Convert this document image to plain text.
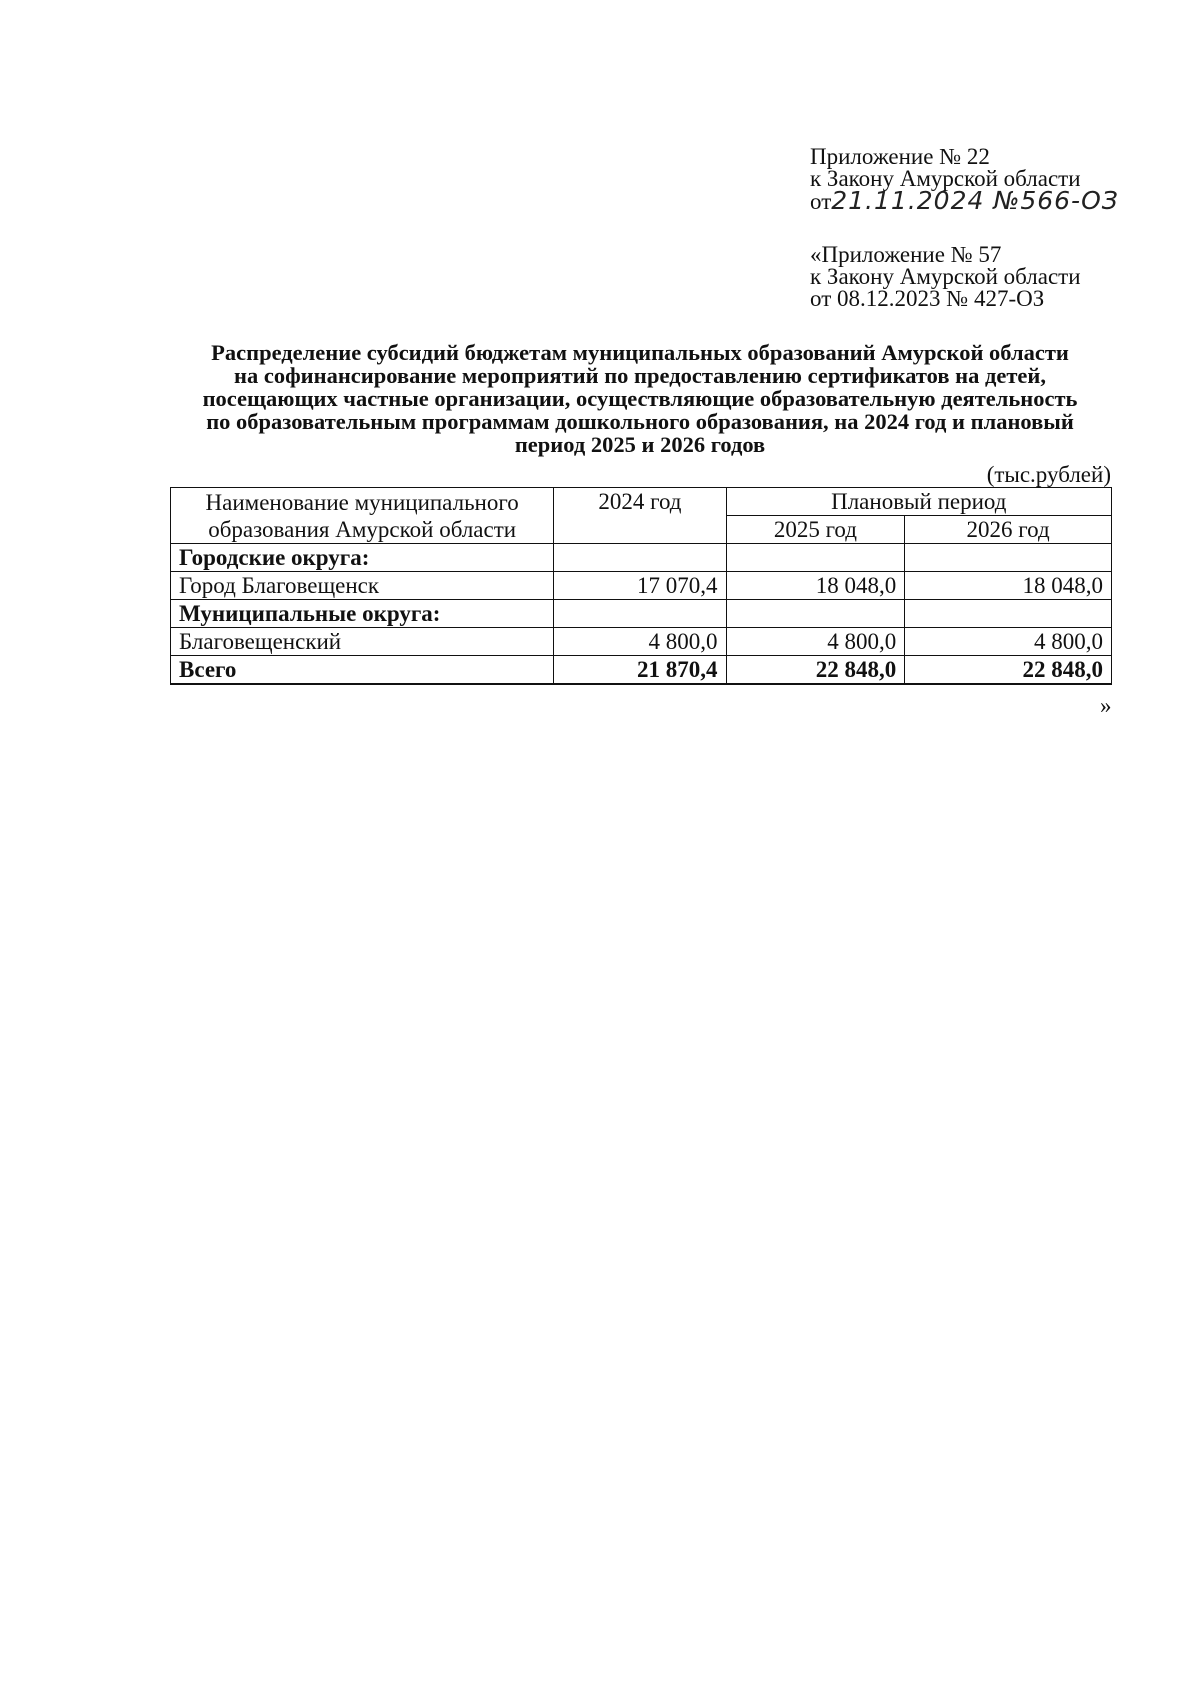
Приложение № 22
к Закону Амурской области
от21.11.2024 №566-ОЗ
«Приложение № 57
к Закону Амурской области
от 08.12.2023 № 427-ОЗ
Распределение субсидий бюджетам муниципальных образований Амурской области
на софинансирование мероприятий по предоставлению сертификатов на детей,
посещающих частные организации, осуществляющие образовательную деятельность
по образовательным программам дошкольного образования, на 2024 год и плановый
период 2025 и 2026 годов
(тыс.рублей)
Наименование муниципального
образования Амурской области	2024 год	Плановый период	
		2025 год	2026 год
Городские округа:			
Город Благовещенск	17 070,4	18 048,0	18 048,0
Муниципальные округа:			
Благовещенский	4 800,0	4 800,0	4 800,0
Всего	21 870,4	22 848,0	22 848,0
»
